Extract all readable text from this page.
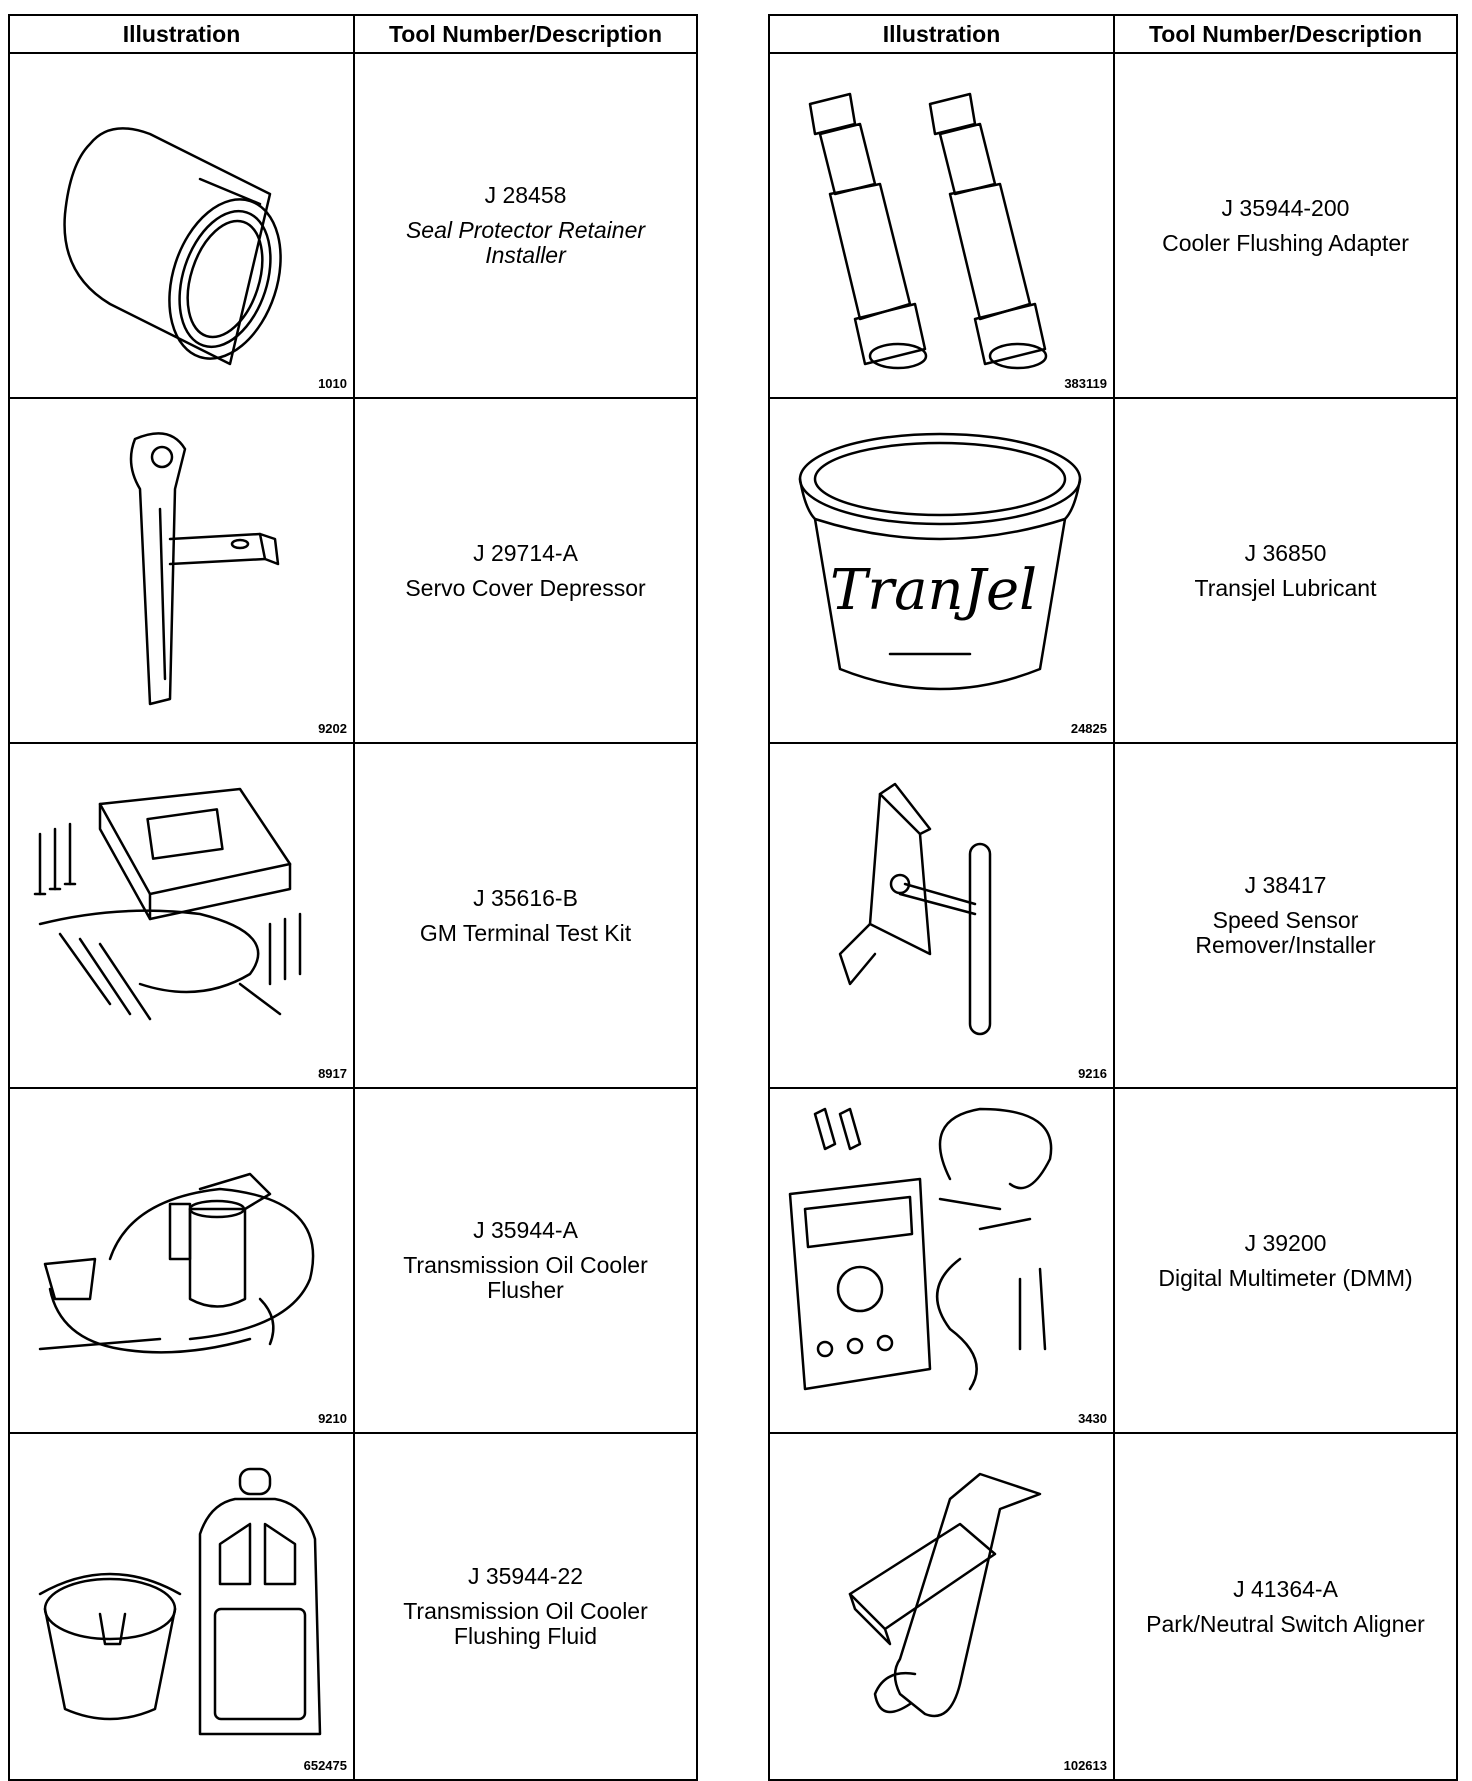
Illustration	Tool Number/Description
1010
J 28458
Seal Protector Retainer Installer
9202
J 29714-A
Servo Cover Depressor
8917
J 35616-B
GM Terminal Test Kit
9210
J 35944-A
Transmission Oil Cooler Flusher
652475
J 35944-22
Transmission Oil Cooler Flushing Fluid
Illustration	Tool Number/Description
383119
J 35944-200
Cooler Flushing Adapter
TranJel
24825
J 36850
Transjel Lubricant
9216
J 38417
Speed Sensor Remover/Installer
3430
J 39200
Digital Multimeter (DMM)
102613
J 41364-A
Park/Neutral Switch Aligner
